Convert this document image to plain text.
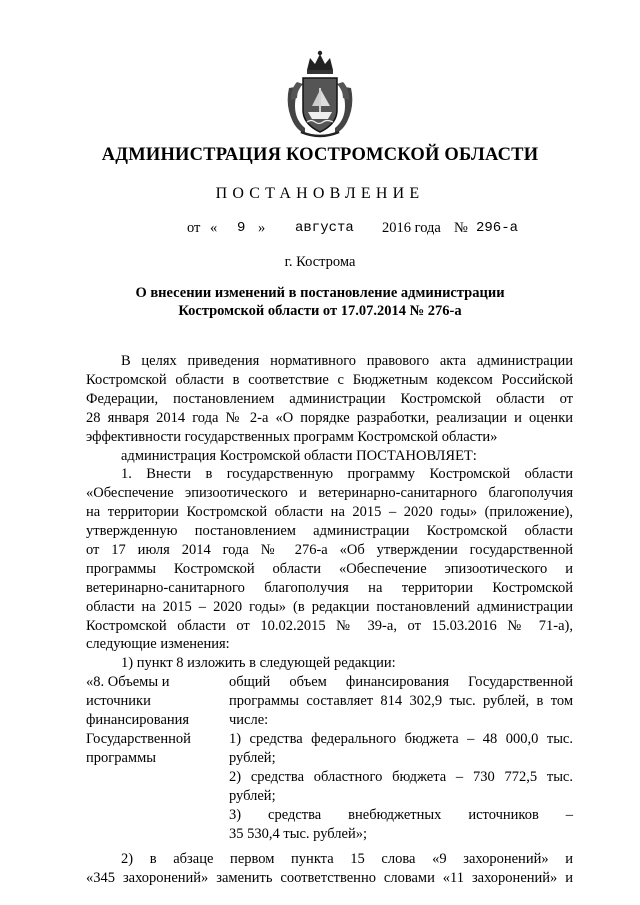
АДМИНИСТРАЦИЯ КОСТРОМСКОЙ ОБЛАСТИ
ПОСТАНОВЛЕНИЕ
от « 9 » августа 2016 года № 296-а
г. Кострома
О внесении изменений в постановление администрации
Костромской области от 17.07.2014 № 276-а
В целях приведения нормативного правового акта администрации
Костромской области в соответствие с Бюджетным кодексом Российской
Федерации, постановлением администрации Костромской области от
28 января 2014 года № 2-а «О порядке разработки, реализации и оценки
эффективности государственных программ Костромской области»
администрация Костромской области ПОСТАНОВЛЯЕТ:
1. Внести в государственную программу Костромской области
«Обеспечение эпизоотического и ветеринарно-санитарного благополучия
на территории Костромской области на 2015 – 2020 годы» (приложение),
утвержденную постановлением администрации Костромской области
от 17 июля 2014 года № 276-а «Об утверждении государственной
программы Костромской области «Обеспечение эпизоотического и
ветеринарно-санитарного благополучия на территории Костромской
области на 2015 – 2020 годы» (в редакции постановлений администрации
Костромской области от 10.02.2015 № 39-а, от 15.03.2016 № 71-а),
следующие изменения:
1) пункт 8 изложить в следующей редакции:
«8. Объемы и
источники
финансирования
Государственной
программы
общий объем финансирования Государственной
программы составляет 814 302,9 тыс. рублей, в том
числе:
1) средства федерального бюджета – 48 000,0 тыс.
рублей;
2) средства областного бюджета – 730 772,5 тыс.
рублей;
3) средства внебюджетных источников –
35 530,4 тыс. рублей»;
2) в абзаце первом пункта 15 слова «9 захоронений» и
«345 захоронений» заменить соответственно словами «11 захоронений» и
